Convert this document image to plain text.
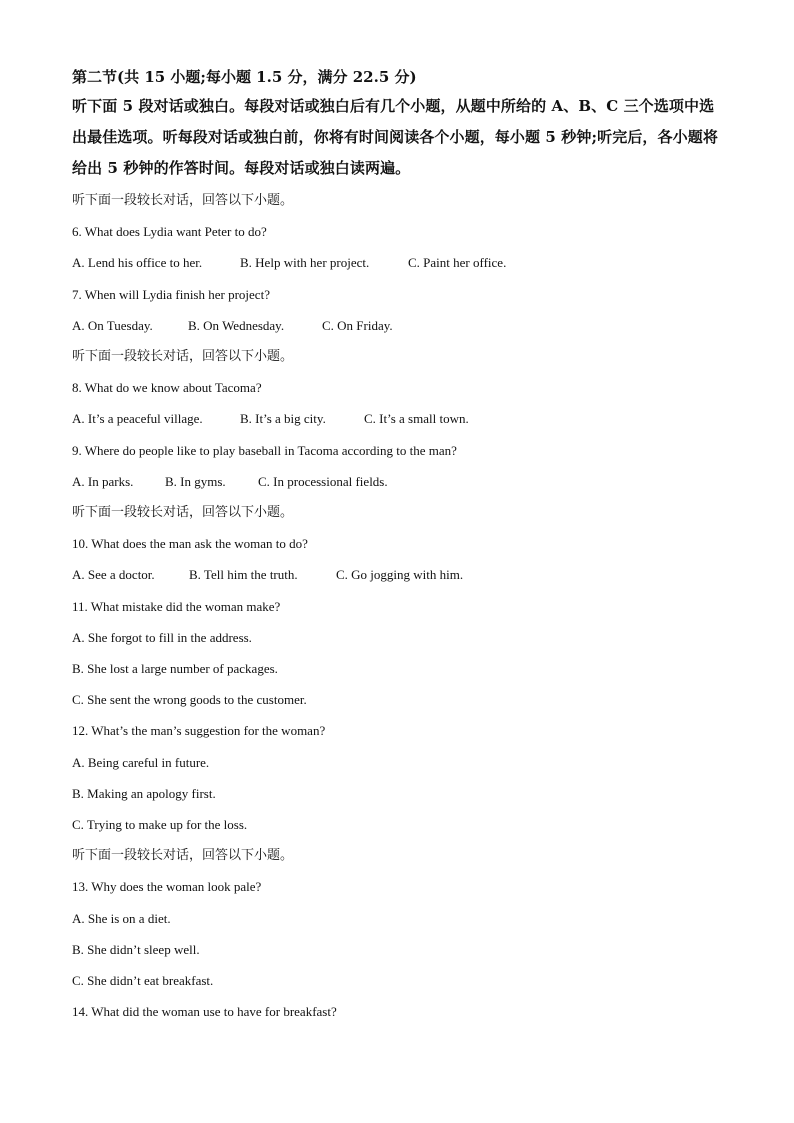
第二节(共 15 小题;每小题 1.5 分，满分 22.5 分)
听下面 5 段对话或独白。每段对话或独白后有几个小题，从题中所给的 A、B、C 三个选项中选出最佳选项。听每段对话或独白前，你将有时间阅读各个小题，每小题 5 秒钟;听完后，各小题将给出 5 秒钟的作答时间。每段对话或独白读两遍。
听下面一段较长对话，回答以下小题。
6. What does Lydia want Peter to do?
A. Lend his office to her.	B. Help with her project.	C. Paint her office.
7. When will Lydia finish her project?
A. On Tuesday.	B. On Wednesday.	C. On Friday.
听下面一段较长对话，回答以下小题。
8. What do we know about Tacoma?
A. It’s a peaceful village.	B. It’s a big city.	C. It’s a small town.
9. Where do people like to play baseball in Tacoma according to the man?
A. In parks. B. In gyms. C. In processional fields.
听下面一段较长对话，回答以下小题。
10. What does the man ask the woman to do?
A. See a doctor.	B. Tell him the truth.	C. Go jogging with him.
11. What mistake did the woman make?
A. She forgot to fill in the address.
B. She lost a large number of packages.
C. She sent the wrong goods to the customer.
12. What’s the man’s suggestion for the woman?
A. Being careful in future.
B. Making an apology first.
C. Trying to make up for the loss.
听下面一段较长对话，回答以下小题。
13. Why does the woman look pale?
A. She is on a diet.
B. She didn’t sleep well.
C. She didn’t eat breakfast.
14. What did the woman use to have for breakfast?
